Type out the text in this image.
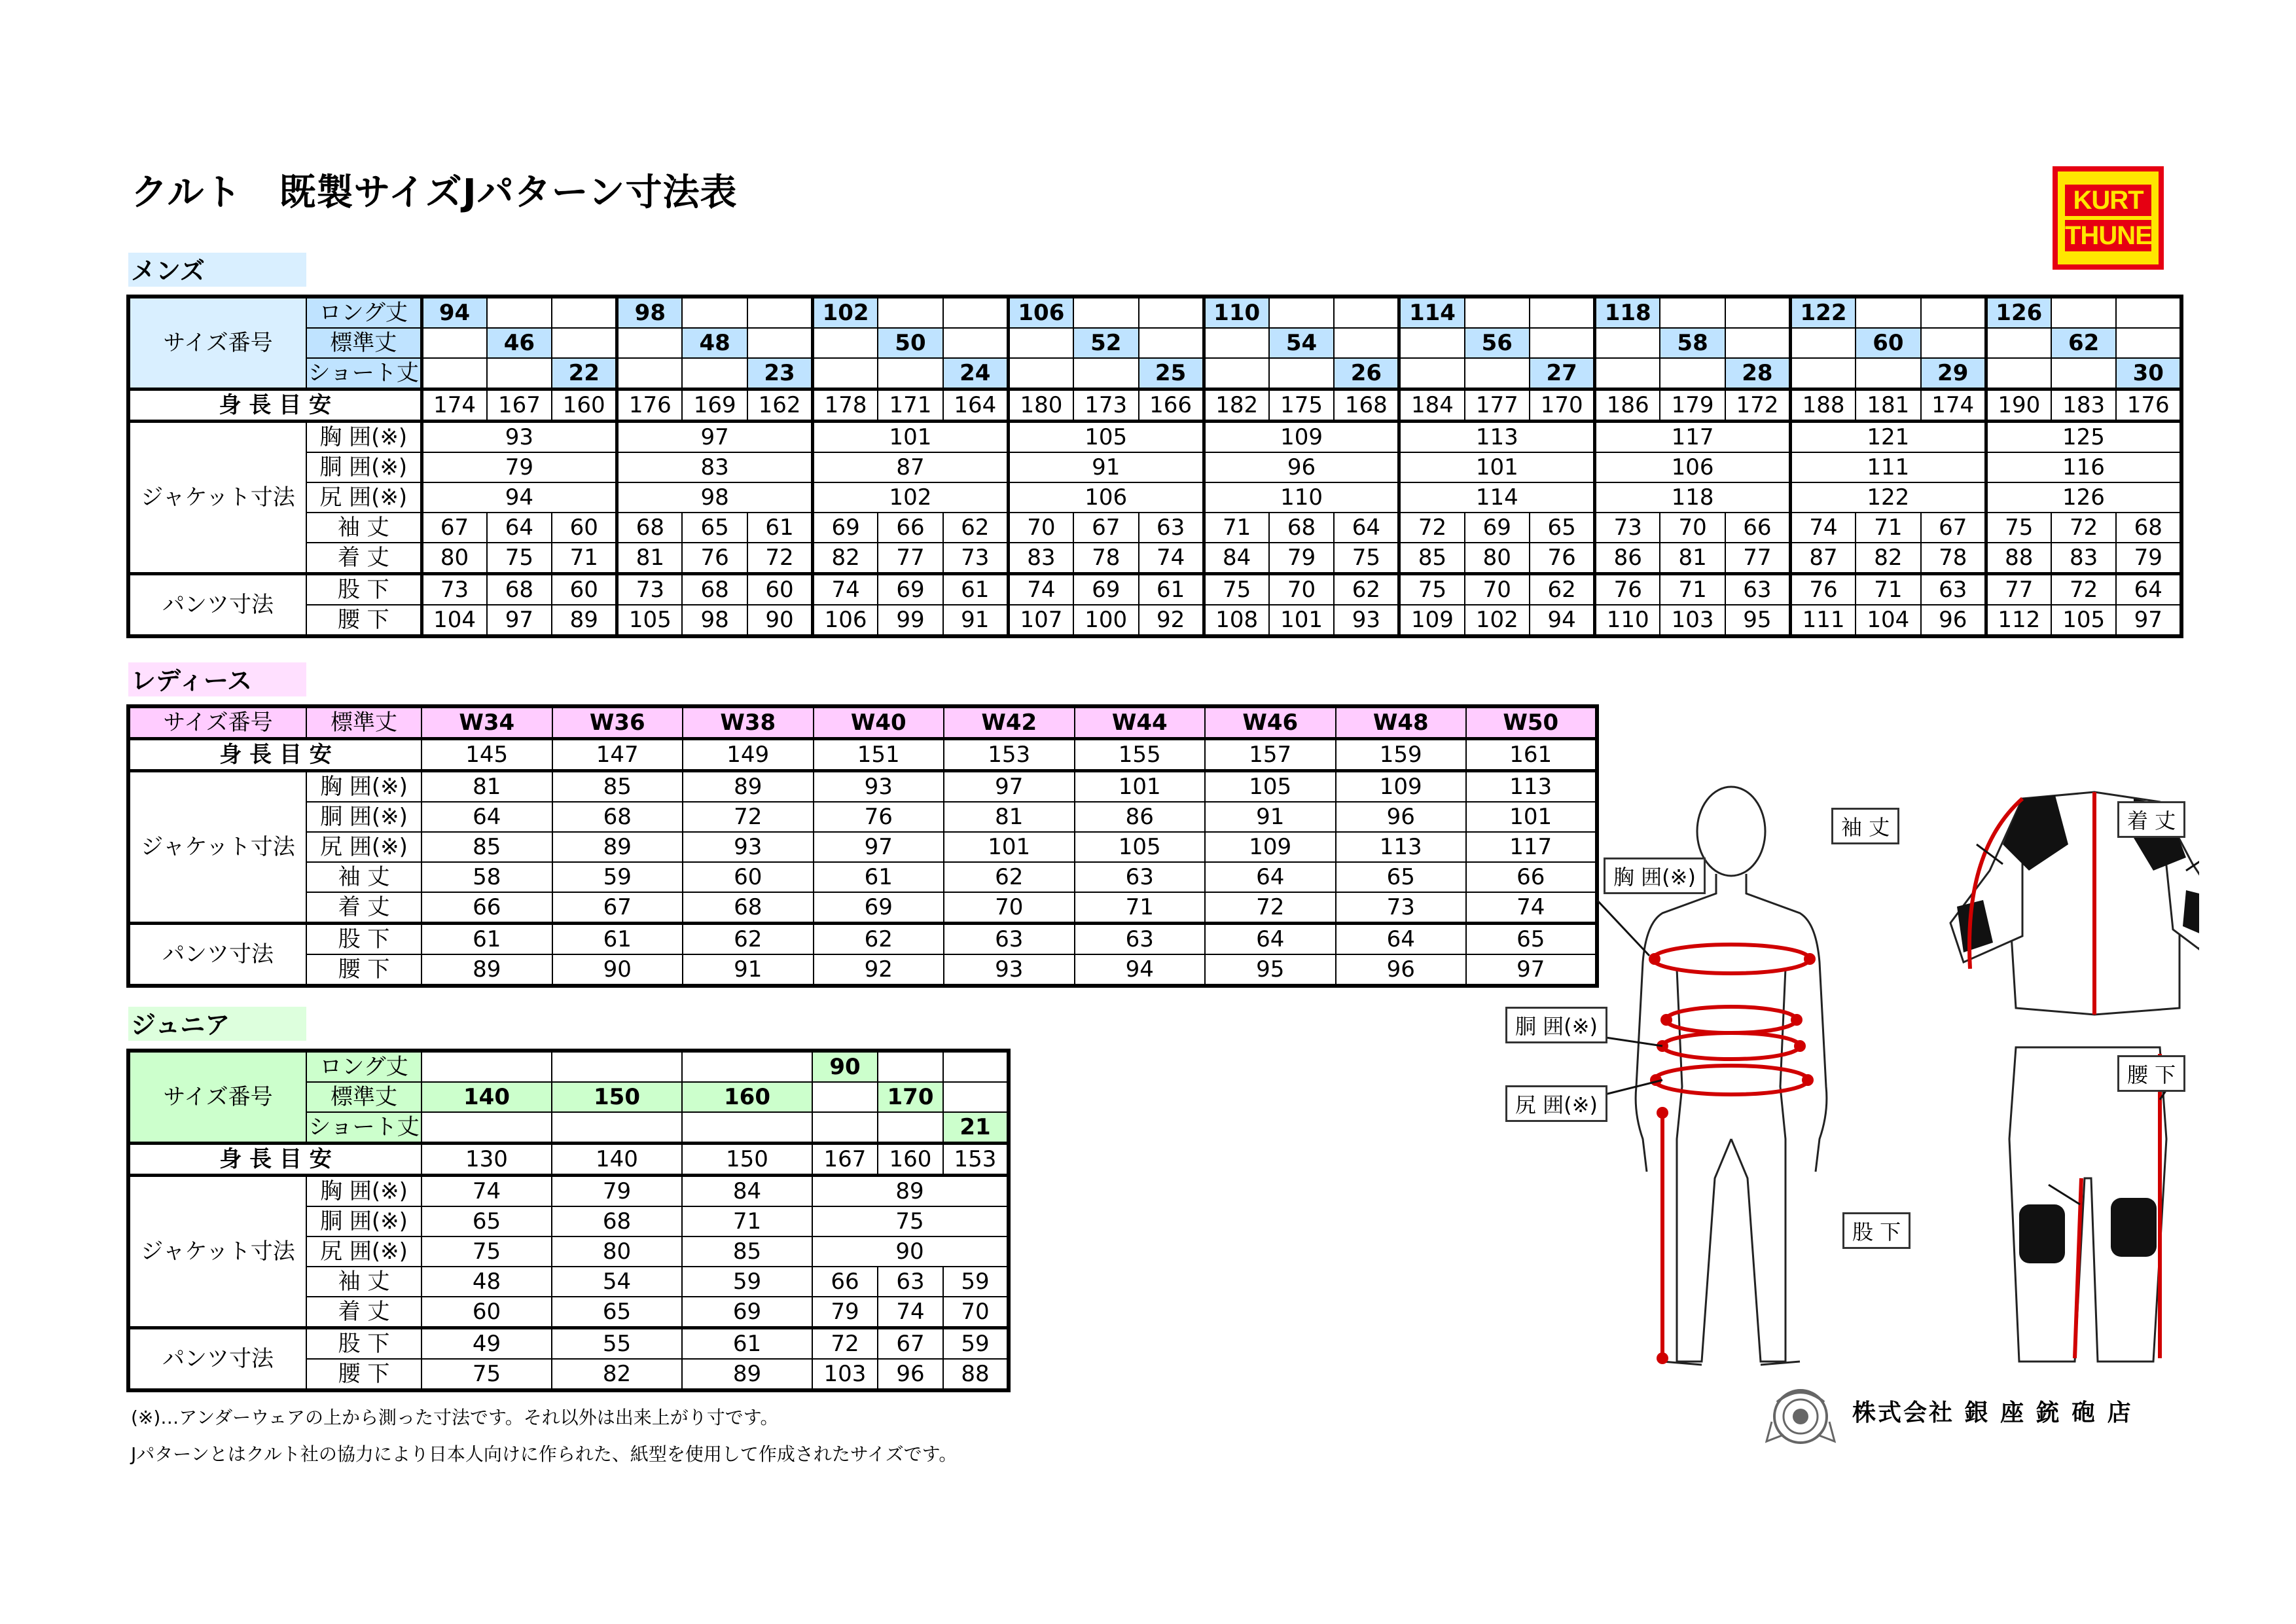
クルト　既製サイズJパターン寸法表	KURT
THUNE
メンズ
サイズ番号	ロング丈	94			98			102			106			110			114			118			122			126		
	標準丈		46			48			50			52			54			56			58			60			62	
	ショート丈			22			23			24			25			26			27			28			29			30
身 長 目 安		174	167	160	176	169	162	178	171	164	180	173	166	182	175	168	184	177	170	186	179	172	188	181	174	190	183	176
ジャケット寸法	胸 囲(※)	93			97			101			105			109			113			117			121			125		
	胴 囲(※)	79			83			87			91			96			101			106			111			116		
	尻 囲(※)	94			98			102			106			110			114			118			122			126		
	袖 丈	67	64	60	68	65	61	69	66	62	70	67	63	71	68	64	72	69	65	73	70	66	74	71	67	75	72	68
	着 丈	80	75	71	81	76	72	82	77	73	83	78	74	84	79	75	85	80	76	86	81	77	87	82	78	88	83	79
パンツ寸法	股 下	73	68	60	73	68	60	74	69	61	74	69	61	75	70	62	75	70	62	76	71	63	76	71	63	77	72	64
	腰 下	104	97	89	105	98	90	106	99	91	107	100	92	108	101	93	109	102	94	110	103	95	111	104	96	112	105	97
レディース
サイズ番号	標準丈	W34	W36	W38	W40	W42	W44	W46	W48	W50
身 長 目 安		145	147	149	151	153	155	157	159	161
ジャケット寸法	胸 囲(※)	81	85	89	93	97	101	105	109	113
	胴 囲(※)	64	68	72	76	81	86	91	96	101
	尻 囲(※)	85	89	93	97	101	105	109	113	117
	袖 丈	58	59	60	61	62	63	64	65	66
	着 丈	66	67	68	69	70	71	72	73	74
パンツ寸法	股 下	61	61	62	62	63	63	64	64	65
	腰 下	89	90	91	92	93	94	95	96	97
ジュニア
サイズ番号	ロング丈				90		
	標準丈	140	150	160		170	
	ショート丈						21
身 長 目 安		130	140	150	167	160	153
ジャケット寸法	胸 囲(※)	74	79	84	89		
	胴 囲(※)	65	68	71	75		
	尻 囲(※)	75	80	85	90		
	袖 丈	48	54	59	66	63	59
	着 丈	60	65	69	79	74	70
パンツ寸法	股 下	49	55	61	72	67	59
	腰 下	75	82	89	103	96	88
(※)…アンダーウェアの上から測った寸法です。それ以外は出来上がり寸です。
Jパターンとはクルト社の協力により日本人向けに作られた、紙型を使用して作成されたサイズです。
胸 囲(※)
胴 囲(※)
尻 囲(※)
袖 丈	着 丈
腰 下
股 下
株式会社 銀 座 銃 砲 店
